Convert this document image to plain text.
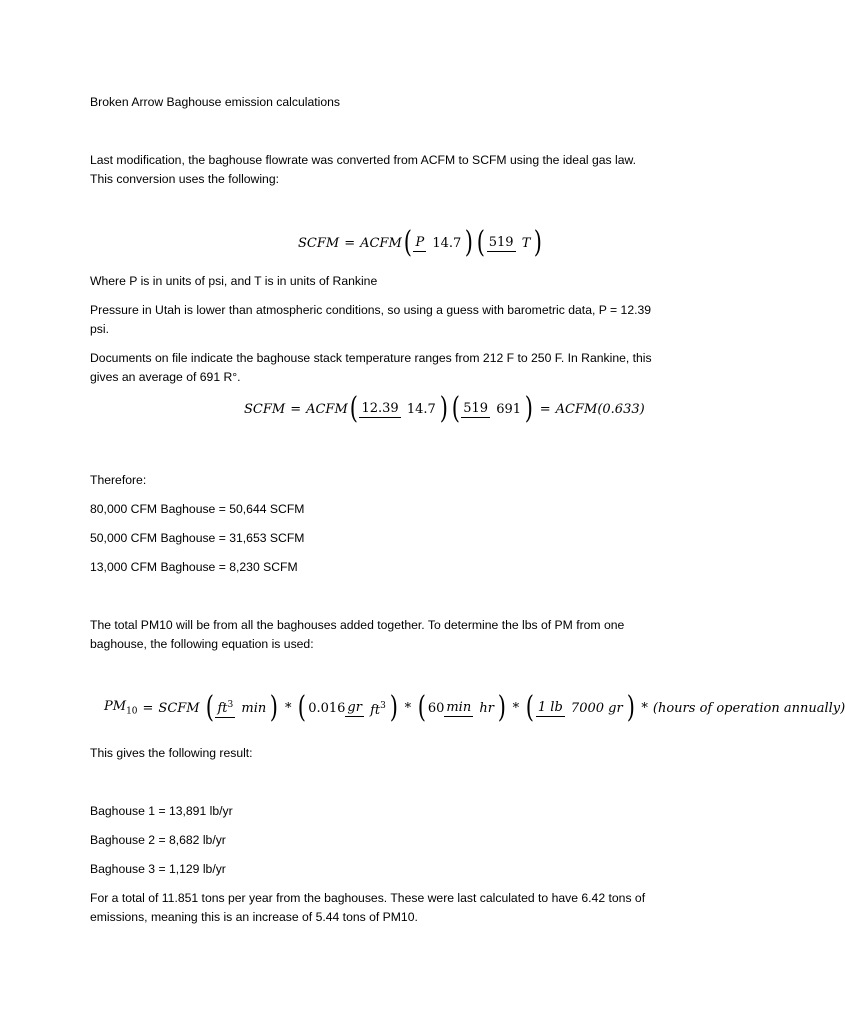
Broken Arrow Baghouse emission calculations
Last modification, the baghouse flowrate was converted from ACFM to SCFM using the ideal gas law.
This conversion uses the following:
SCFM = ACFM( P 14.7 ) ( 519 T )
Where P is in units of psi, and T is in units of Rankine
Pressure in Utah is lower than atmospheric conditions, so using a guess with barometric data, P = 12.39
psi.
Documents on file indicate the baghouse stack temperature ranges from 212 F to 250 F. In Rankine, this
gives an average of 691 R°.
SCFM = ACFM( 12.39 14.7 ) ( 519 691 ) = ACFM(0.633)
Therefore:
80,000 CFM Baghouse = 50,644 SCFM
50,000 CFM Baghouse = 31,653 SCFM
13,000 CFM Baghouse = 8,230 SCFM
The total PM10 will be from all the baghouses added together. To determine the lbs of PM from one
baghouse, the following equation is used:
$PM_{10}$ = SCFM ( $ft^3$ min ) * ( 0.016 gr $ft^3$ ) * ( 60 min hr ) * ( 1 lb 7000 gr ) * (hours of operation annually)
This gives the following result:
Baghouse 1 = 13,891 lb/yr
Baghouse 2 = 8,682 lb/yr
Baghouse 3 = 1,129 lb/yr
For a total of 11.851 tons per year from the baghouses. These were last calculated to have 6.42 tons of
emissions, meaning this is an increase of 5.44 tons of PM10.
